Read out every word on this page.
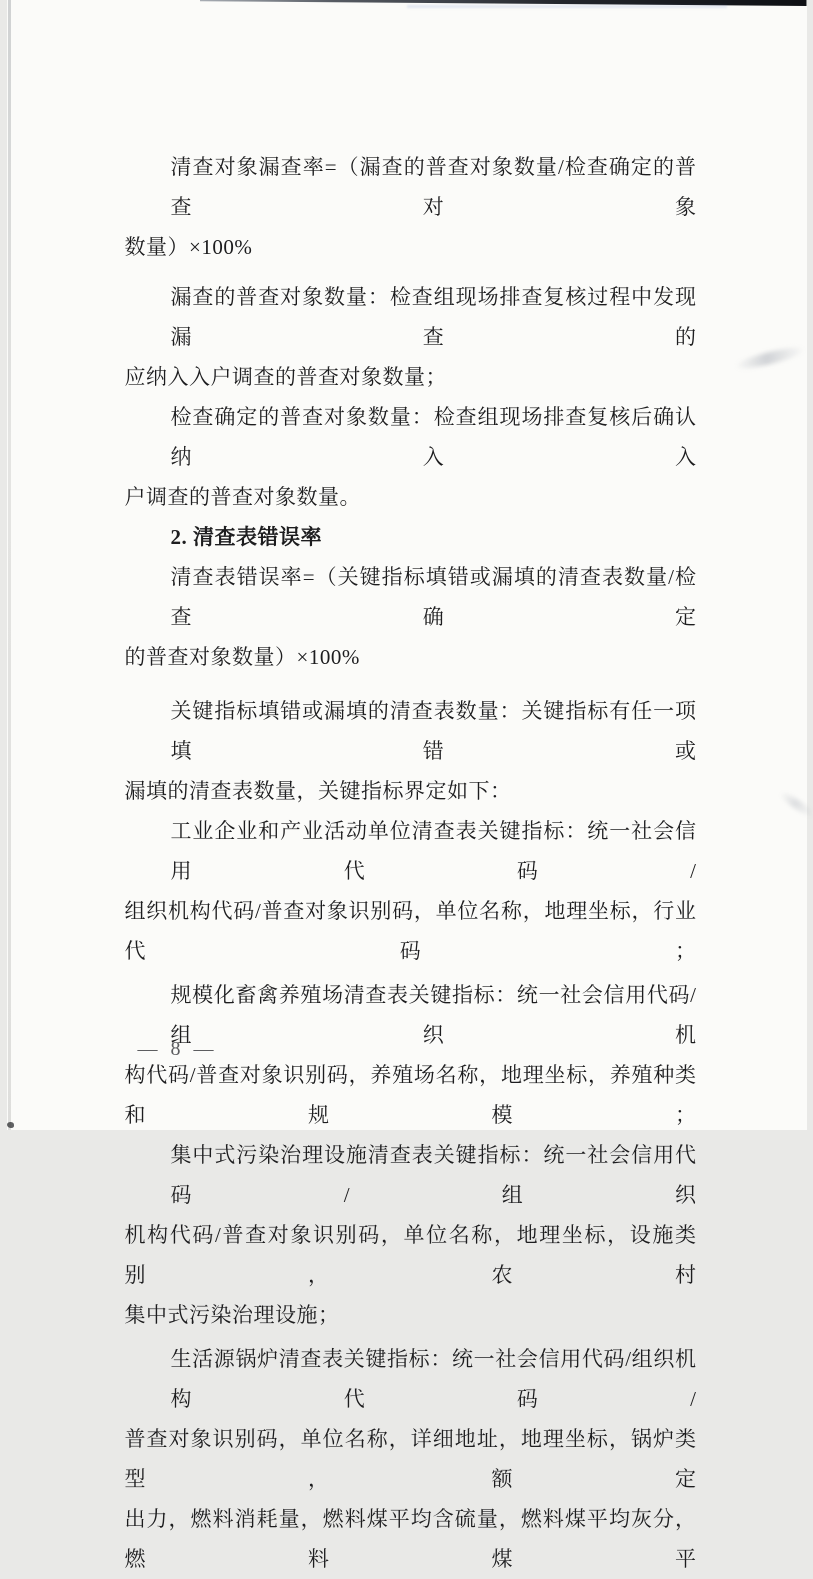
清查对象漏查率=（漏查的普查对象数量/检查确定的普查对象
数量）×100%
漏查的普查对象数量：检查组现场排查复核过程中发现漏查的
应纳入入户调查的普查对象数量；
检查确定的普查对象数量：检查组现场排查复核后确认纳入入
户调查的普查对象数量。
2. 清查表错误率
清查表错误率=（关键指标填错或漏填的清查表数量/检查确定
的普查对象数量）×100%
关键指标填错或漏填的清查表数量：关键指标有任一项填错或
漏填的清查表数量，关键指标界定如下：
工业企业和产业活动单位清查表关键指标：统一社会信用代码/
组织机构代码/普查对象识别码，单位名称，地理坐标，行业代码；
规模化畜禽养殖场清查表关键指标：统一社会信用代码/组织机
构代码/普查对象识别码，养殖场名称，地理坐标，养殖种类和规模；
集中式污染治理设施清查表关键指标：统一社会信用代码/组织
机构代码/普查对象识别码，单位名称，地理坐标，设施类别，农村
集中式污染治理设施；
生活源锅炉清查表关键指标：统一社会信用代码/组织机构代码/
普查对象识别码，单位名称，详细地址，地理坐标，锅炉类型，额定
出力，燃料消耗量，燃料煤平均含硫量，燃料煤平均灰分，燃料煤平
— 8 —
